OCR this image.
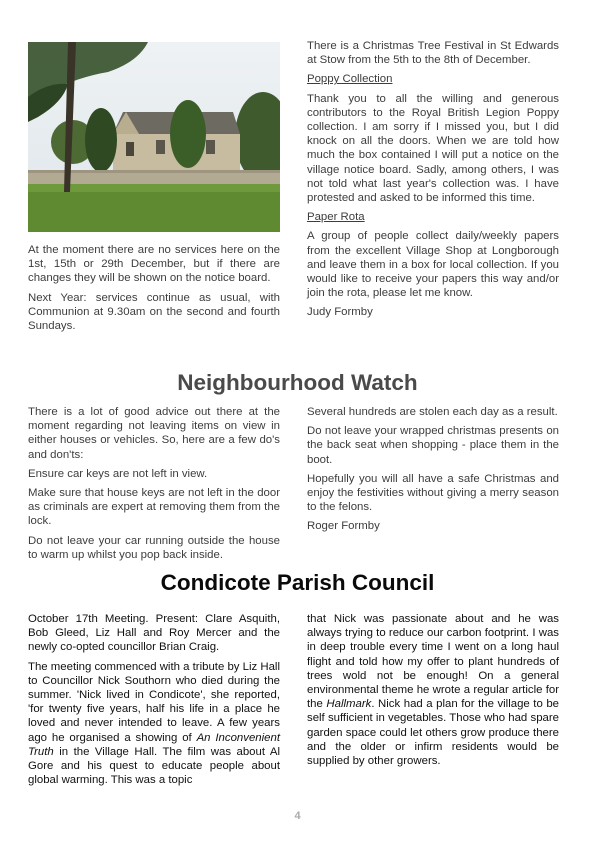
At the moment there are no services here on the 1st, 15th or 29th December, but if there are changes they will be shown on the notice board.

Next Year: services continue as usual, with Communion at 9.30am on the second and fourth Sundays.

There is a Christmas Tree Festival in St Edwards at Stow from the 5th to the 8th of December.

Poppy Collection

Thank you to all the willing and generous contributors to the Royal British Legion Poppy collection. I am sorry if I missed you, but I did knock on all the doors. When we are told how much the box contained I will put a notice on the village notice board. Sadly, among others, I was not told what last year's collection was. I have protested and asked to be informed this time.

Paper Rota

A group of people collect daily/weekly papers from the excellent Village Shop at Longborough and leave them in a box for local collection. If you would like to receive your papers this way and/or join the rota, please let me know.

Judy Formby

Neighbourhood Watch

There is a lot of good advice out there at the moment regarding not leaving items on view in either houses or vehicles. So, here are a few do's and don'ts:

Ensure car keys are not left in view.

Make sure that house keys are not left in the door as criminals are expert at removing them from the lock.

Do not leave your car running outside the house to warm up whilst you pop back inside.

Several hundreds are stolen each day as a result.

Do not leave your wrapped christmas presents on the back seat when shopping - place them in the boot.

Hopefully you will all have a safe Christmas and enjoy the festivities without giving a merry season to the felons.

Roger Formby

Condicote Parish Council

October 17th Meeting. Present: Clare Asquith, Bob Gleed, Liz Hall and Roy Mercer and the newly co-opted councillor Brian Craig.

The meeting commenced with a tribute by Liz Hall to Councillor Nick Southorn who died during the summer. 'Nick lived in Condicote', she reported, 'for twenty five years, half his life in a place he loved and never intended to leave. A few years ago he organised a showing of An Inconvenient Truth in the Village Hall. The film was about Al Gore and his quest to educate people about global warming. This was a topic

that Nick was passionate about and he was always trying to reduce our carbon footprint. I was in deep trouble every time I went on a long haul flight and told how my offer to plant hundreds of trees wold not be enough! On a general environmental theme he wrote a regular article for the Hallmark. Nick had a plan for the village to be self sufficient in vegetables. Those who had spare garden space could let others grow produce there and the older or infirm residents would be supplied by other growers.

4
